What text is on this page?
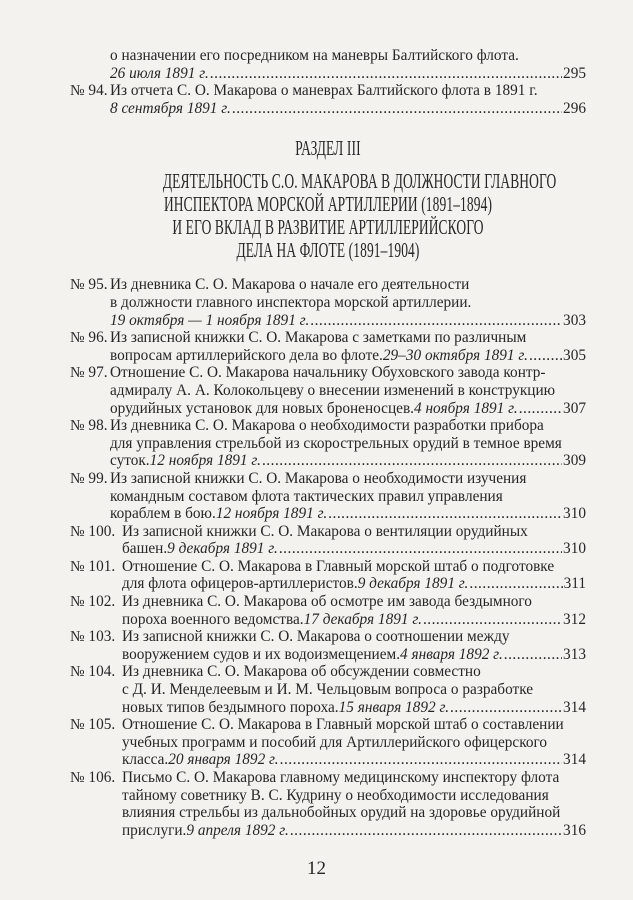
о назначении его посредником на маневры Балтийского флота.
26 июля 1891 г. .....	295
№ 94. Из отчета С. О. Макарова о маневрах Балтийского флота в 1891 г.
8 сентября 1891 г. .....	296
РАЗДЕЛ III
ДЕЯТЕЛЬНОСТЬ С.О. МАКАРОВА В ДОЛЖНОСТИ ГЛАВНОГО
ИНСПЕКТОРА МОРСКОЙ АРТИЛЛЕРИИ (1891–1894)
И ЕГО ВКЛАД В РАЗВИТИЕ АРТИЛЛЕРИЙСКОГО
ДЕЛА НА ФЛОТЕ (1891–1904)
№ 95. Из дневника С. О. Макарова о начале его деятельности
в должности главного инспектора морской артиллерии.
19 октября — 1 ноября 1891 г. .....	303
№ 96. Из записной книжки С. О. Макарова с заметками по различным
вопросам артиллерийского дела во флоте. 29–30 октября 1891 г. ..... 305
№ 97. Отношение С. О. Макарова начальнику Обуховского завода контр-
адмиралу А. А. Колокольцеву о внесении изменений в конструкцию
орудийных установок для новых броненосцев. 4 ноября 1891 г. .....	307
№ 98. Из дневника С. О. Макарова о необходимости разработки прибора
для управления стрельбой из скорострельных орудий в темное время
суток. 12 ноября 1891 г. .....	309
№ 99. Из записной книжки С. О. Макарова о необходимости изучения
командным составом флота тактических правил управления
кораблем в бою. 12 ноября 1891 г. .....	310
№ 100. Из записной книжки С. О. Макарова о вентиляции орудийных
башен. 9 декабря 1891 г. .....	310
№ 101. Отношение С. О. Макарова в Главный морской штаб о подготовке
для флота офицеров-артиллеристов. 9 декабря 1891 г. .....	311
№ 102. Из дневника С. О. Макарова об осмотре им завода бездымного
пороха военного ведомства. 17 декабря 1891 г. .....	312
№ 103. Из записной книжки С. О. Макарова о соотношении между
вооружением судов и их водоизмещением. 4 января 1892 г. .....	313
№ 104. Из дневника С. О. Макарова об обсуждении совместно
с Д. И. Менделеевым и И. М. Чельцовым вопроса о разработке
новых типов бездымного пороха. 15 января 1892 г. .....	314
№ 105. Отношение С. О. Макарова в Главный морской штаб о составлении
учебных программ и пособий для Артиллерийского офицерского
класса. 20 января 1892 г. .....	314
№ 106. Письмо С. О. Макарова главному медицинскому инспектору флота
тайному советнику В. С. Кудрину о необходимости исследования
влияния стрельбы из дальнобойных орудий на здоровье орудийной
прислуги. 9 апреля 1892 г. .....	316
12
